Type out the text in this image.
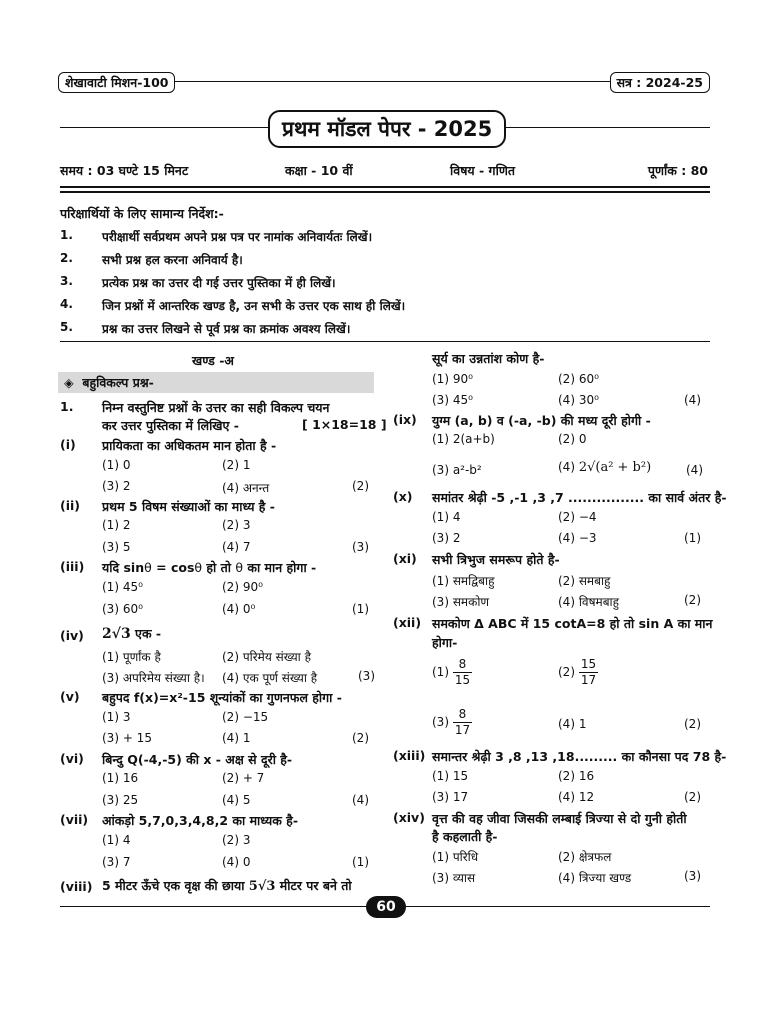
शेखावाटी मिशन-100	सत्र : 2024-25
प्रथम मॉडल पेपर - 2025
समय : 03 घण्टे 15 मिनट	कक्षा - 10 वीं	विषय - गणित	पूर्णांक : 80
परिक्षार्थियों के लिए सामान्य निर्देश:-
1. परीक्षार्थी सर्वप्रथम अपने प्रश्न पत्र पर नामांक अनिवार्यतः लिखें।
2. सभी प्रश्न हल करना अनिवार्य है।
3. प्रत्येक प्रश्न का उत्तर दी गई उत्तर पुस्तिका में ही लिखें।
4. जिन प्रश्नों में आन्तरिक खण्ड है, उन सभी के उत्तर एक साथ ही लिखें।
5. प्रश्न का उत्तर लिखने से पूर्व प्रश्न का क्रमांक अवश्य लिखें।
खण्ड -अ
◈ बहुविकल्प प्रश्न-
1. निम्न वस्तुनिष्ट प्रश्नों के उत्तर का सही विकल्प चयन
कर उत्तर पुस्तिका में लिखिए -	[ 1×18=18 ]
(i) प्रायिकता का अधिकतम मान होता है -
(1) 0	(2) 1
(3) 2	(4) अनन्त	(2)
(ii) प्रथम 5 विषम संख्याओं का माध्य है -
(1) 2	(2) 3
(3) 5	(4) 7	(3)
(iii) यदि sinθ = cosθ हो तो θ का मान होगा -
(1) 45⁰	(2) 90⁰
(3) 60⁰	(4) 0⁰	(1)
(iv) 2√3 एक -
(1) पूर्णांक है	(2) परिमेय संख्या है
(3) अपरिमेय संख्या है। (4) एक पूर्ण संख्या है	(3)
(v) बहुपद f(x)=x²-15 शून्यांकों का गुणनफल होगा -
(1) 3	(2) −15
(3) + 15	(4) 1	(2)
(vi) बिन्दु Q(-4,-5) की x - अक्ष से दूरी है-
(1) 16	(2) + 7
(3) 25	(4) 5	(4)
(vii) आंकड़ो 5,7,0,3,4,8,2 का माध्यक है-
(1) 4	(2) 3
(3) 7	(4) 0	(1)
(viii) 5 मीटर ऊँचे एक वृक्ष की छाया 5√3 मीटर पर बने तो
सूर्य का उन्नतांश कोण है-
(1) 90⁰	(2) 60⁰
(3) 45⁰	(4) 30⁰	(4)
(ix) युग्म (a, b) व (-a, -b) की मध्य दूरी होगी -
(1) 2(a+b)	(2) 0
(3) a²-b²	(4) 2√(a² + b²)	(4)
(x) समांतर श्रेढ़ी -5 ,-1 ,3 ,7 ................ का सार्व अंतर है-
(1) 4	(2) −4
(3) 2	(4) −3	(1)
(xi) सभी त्रिभुज समरूप होते है-
(1) समद्विबाहु	(2) समबाहु
(3) समकोण	(4) विषमबाहु	(2)
(xii) समकोण Δ ABC में 15 cotA=8 हो तो sin A का मान
होगा-
$(1) \frac{8}{15}$	$(2) \frac{15}{17}$
$(3) \frac{8}{17}$	(4) 1	(2)
(xiii) समान्तर श्रेढ़ी 3 ,8 ,13 ,18......... का कौनसा पद 78 है-
(1) 15	(2) 16
(3) 17	(4) 12	(2)
(xiv) वृत्त की वह जीवा जिसकी लम्बाई त्रिज्या से दो गुनी होती
है कहलाती है-
(1) परिधि	(2) क्षेत्रफल
(3) व्यास	(4) त्रिज्या खण्ड	(3)
60
